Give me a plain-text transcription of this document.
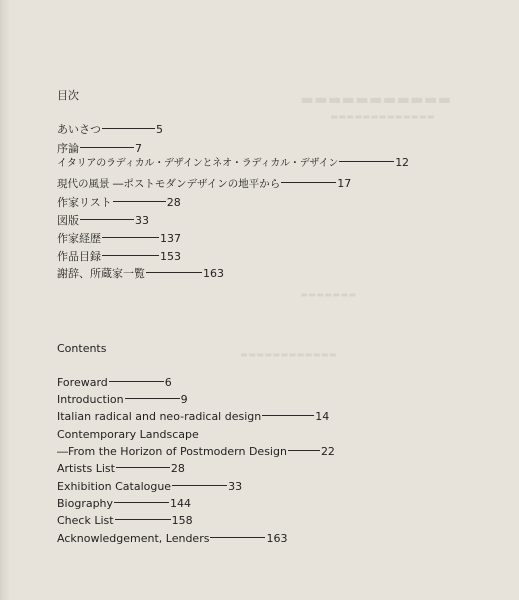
▬▬▬▬▬▬▬▬▬▬▬
▬▬▬▬▬▬▬▬▬▬▬▬▬
▬▬▬▬▬▬▬
▬▬▬▬▬▬▬▬▬▬▬▬
目次
あいさつ	5
序論	7
イタリアのラディカル・デザインとネオ・ラディカル・デザイン	12
現代の風景 ―ポストモダンデザインの地平から	17
作家リスト	28
図版	33
作家経歴	137
作品目録	153
謝辞、所蔵家一覧	163
Contents
Foreward	6
Introduction	9
Italian radical and neo-radical design	14
Contemporary Landscape
―From the Horizon of Postmodern Design	22
Artists List	28
Exhibition Catalogue	33
Biography	144
Check List	158
Acknowledgement, Lenders	163
